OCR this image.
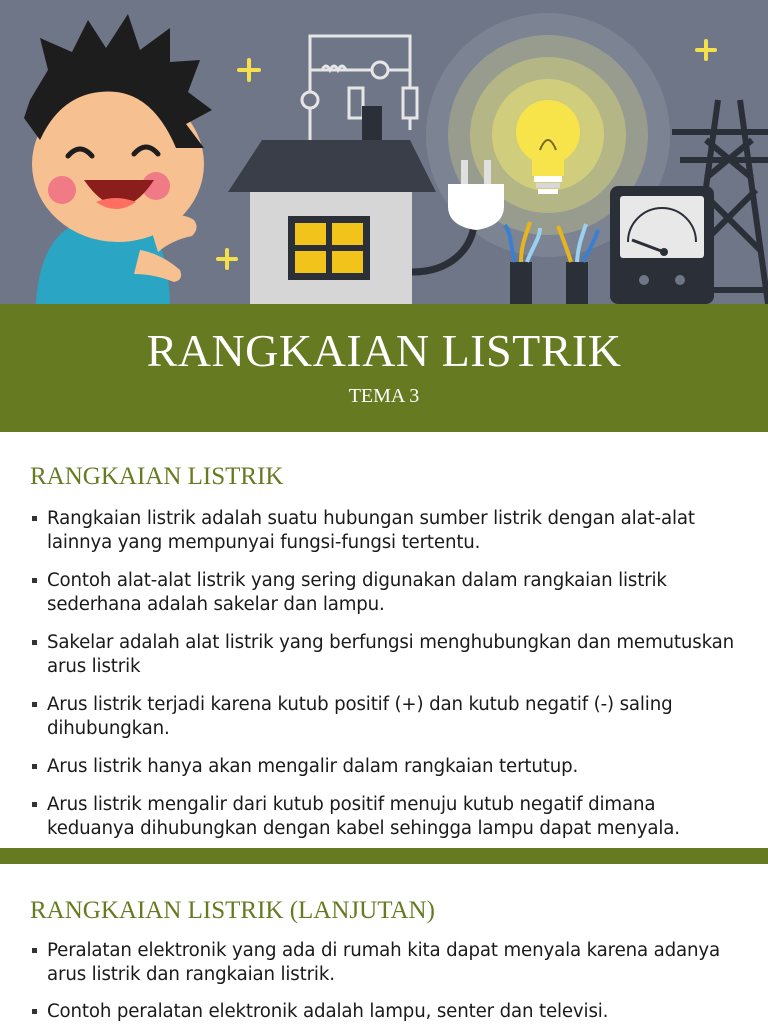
RANGKAIAN LISTRIK
TEMA 3
RANGKAIAN LISTRIK
Rangkaian listrik adalah suatu hubungan sumber listrik dengan alat-alat lainnya yang mempunyai fungsi-fungsi tertentu.
Contoh alat-alat listrik yang sering digunakan dalam rangkaian listrik sederhana adalah sakelar dan lampu.
Sakelar adalah alat listrik yang berfungsi menghubungkan dan memutuskan arus listrik
Arus listrik terjadi karena kutub positif (+) dan kutub negatif (-) saling dihubungkan.
Arus listrik hanya akan mengalir dalam rangkaian tertutup.
Arus listrik mengalir dari kutub positif menuju kutub negatif dimana keduanya dihubungkan dengan kabel sehingga lampu dapat menyala.
RANGKAIAN LISTRIK (LANJUTAN)
Peralatan elektronik yang ada di rumah kita dapat menyala karena adanya arus listrik dan rangkaian listrik.
Contoh peralatan elektronik adalah lampu, senter dan televisi.
